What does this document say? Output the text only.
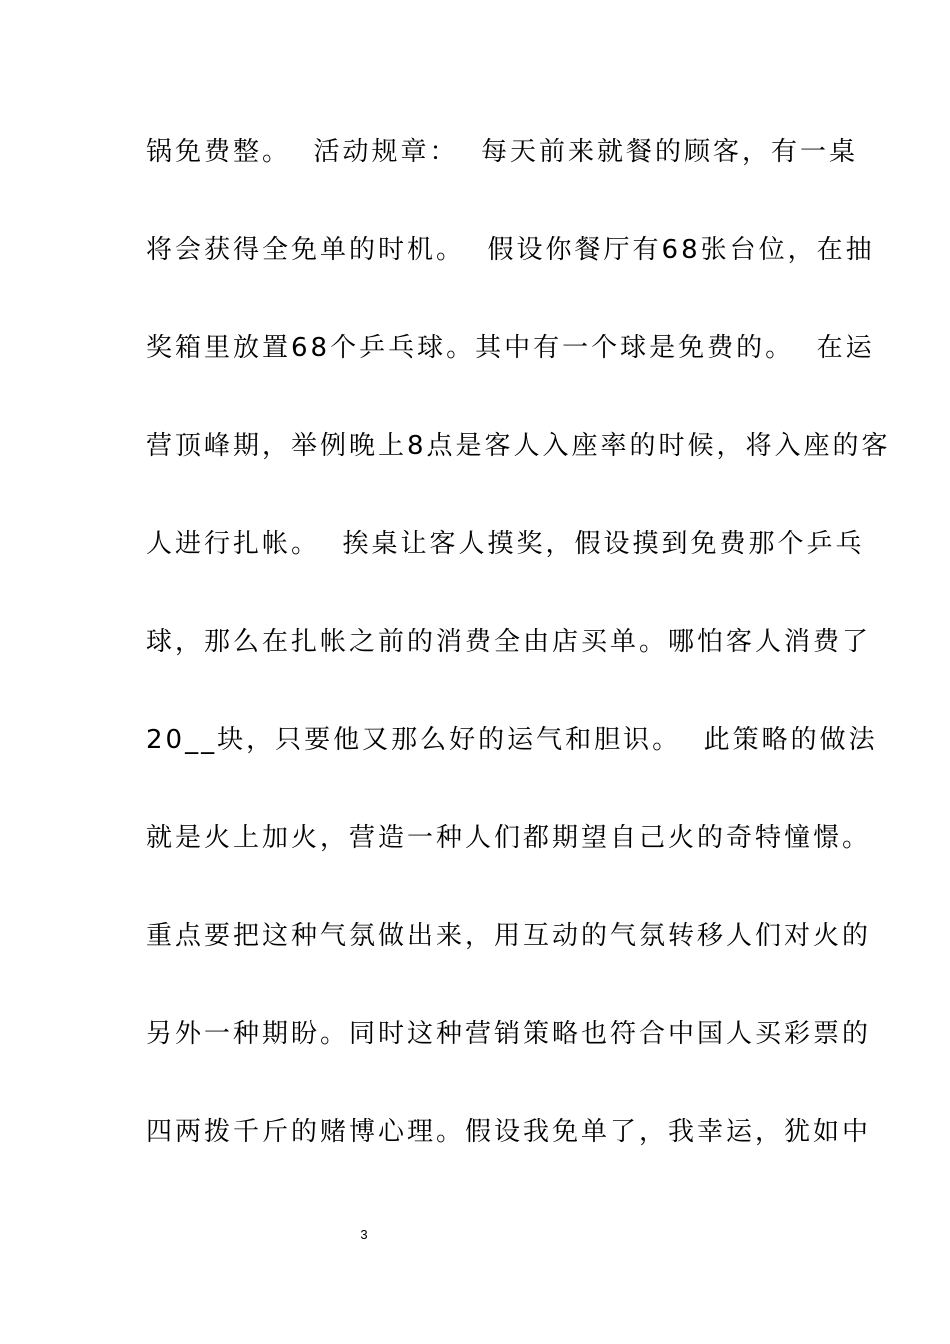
锅免费整。  活动规章：  每天前来就餐的顾客，有一桌
将会获得全免单的时机。  假设你餐厅有68张台位，在抽
奖箱里放置68个乒乓球。其中有一个球是免费的。  在运
营顶峰期，举例晚上8点是客人入座率的时候，将入座的客
人进行扎帐。  挨桌让客人摸奖，假设摸到免费那个乒乓
球，那么在扎帐之前的消费全由店买单。哪怕客人消费了
20__块，只要他又那么好的运气和胆识。  此策略的做法
就是火上加火，营造一种人们都期望自己火的奇特憧憬。
重点要把这种气氛做出来，用互动的气氛转移人们对火的
另外一种期盼。同时这种营销策略也符合中国人买彩票的
四两拨千斤的赌博心理。假设我免单了，我幸运，犹如中
3
